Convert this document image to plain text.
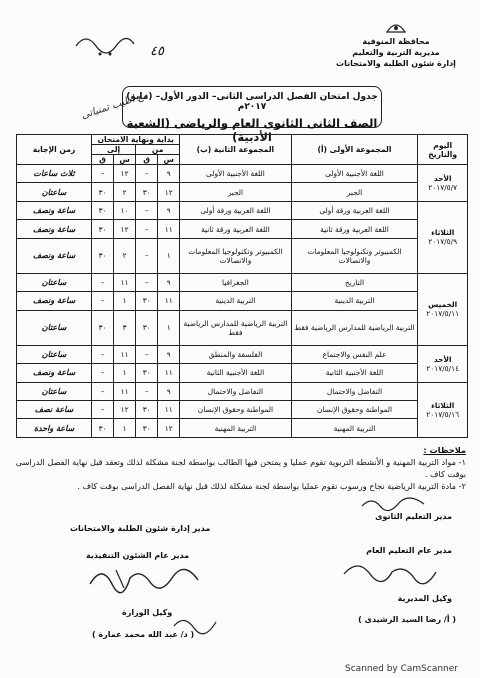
محافظة المنوفية
مديرية التربية والتعليم
إدارة شئون الطلبة والامتحانات
٤٥
جدول امتحان الفصل الدراسى الثانى– الدور الأول– (مايو) ٢٠١٧م
الصف الثانى الثانوى العام والرياضى (الشعبة الأدبية)
مع اطيب تمنياتى
اليوم والتاريخ	المجموعة الأولى (أ)	المجموعة الثانية (ب)	بداية ونهاية الامتحان				زمن الإجابة
			من		إلى		
			س	ق	س	ق	

الأحد
٢٠١٧/٥/٧	اللغة الأجنبية الأولى	اللغة الأجنبية الأولى	٩	–	١٢	–	ثلاث ساعات
	الجبر	الجبر	١٢	٣٠	٢	٣٠	ساعتان

الثلاثاء
٢٠١٧/٥/٩	اللغة العربية ورقة أولى	اللغة العربية ورقة أولى	٩	–	١٠	٣٠	ساعة ونصف
	اللغة العربية ورقة ثانية	اللغة العربية ورقة ثانية	١١	–	١٢	٣٠	ساعة ونصف
	الكمبيوتر وتكنولوجيا المعلومات والاتصالات	الكمبيوتر وتكنولوجيا المعلومات والاتصالات	١	–	٢	٣٠	ساعة ونصف

الخميس
٢٠١٧/٥/١١	التاريخ	الجغرافيا	٩	–	١١	–	ساعتان
	التربية الدينية	التربية الدينية	١١	٣٠	١	–	ساعة ونصف
	التربية الرياضية للمدارس الرياضية فقط	التربية الرياضية للمدارس الرياضية فقط	١	٣٠	٣	٣٠	ساعتان

الأحد
٢٠١٧/٥/١٤	علم النفس والاجتماع	الفلسفة والمنطق	٩	–	١١	–	ساعتان
	اللغة الأجنبية الثانية	اللغة الأجنبية الثانية	١١	٣٠	١	–	ساعة ونصف

الثلاثاء
٢٠١٧/٥/١٦	التفاضل والاحتمال	التفاضل والاحتمال	٩	–	١١	–	ساعتان
	المواطنة وحقوق الإنسان	المواطنة وحقوق الإنسان	١١	٣٠	١٢	–	ساعة نصف
	التربية المهنية	التربية المهنية	١٢	٣٠	١	٣٠	ساعة واحدة
ملاحظات :
١- مواد التربية المهنية و الأنشطة التربوية تقوم عمليا و يمتحن فيها الطالب بواسطة لجنة مشكلة لذلك وتعقد قبل نهاية الفصل الدراسى بوقت كاف .
٢- مادة التربية الرياضية نجاح ورسوب تقوم عمليا بواسطة لجنة مشكلة لذلك قبل نهاية الفصل الدراسى بوقت كاف .
مدير التعليم الثانوى
مدير إدارة شئون الطلبة والامتحانات
مدير عام التعليم العام
مدير عام الشئون التنفيذية
وكيل المديرية
( أ/ رضا السيد الرشيدى )
وكيل الوزارة
( د/ عبد الله محمد عمارة )
Scanned by CamScanner
